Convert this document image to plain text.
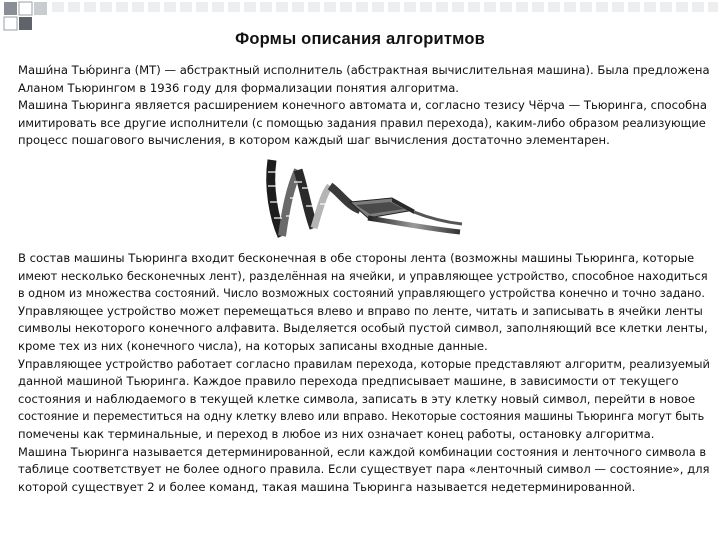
Формы описания алгоритмов
Маши́на Тью́ринга (МТ) — абстрактный исполнитель (абстрактная вычислительная машина). Была предложена
Аланом Тьюрингом в 1936 году для формализации понятия алгоритма.
Машина Тьюринга является расширением конечного автомата и, согласно тезису Чёрча — Тьюринга, способна
имитировать все другие исполнители (с помощью задания правил перехода), каким-либо образом реализующие
процесс пошагового вычисления, в котором каждый шаг вычисления достаточно элементарен.
В состав машины Тьюринга входит бесконечная в обе стороны лента (возможны машины Тьюринга, которые
имеют несколько бесконечных лент), разделённая на ячейки, и управляющее устройство, способное находиться
в одном из множества состояний. Число возможных состояний управляющего устройства конечно и точно задано.
Управляющее устройство может перемещаться влево и вправо по ленте, читать и записывать в ячейки ленты
символы некоторого конечного алфавита. Выделяется особый пустой символ, заполняющий все клетки ленты,
кроме тех из них (конечного числа), на которых записаны входные данные.
Управляющее устройство работает согласно правилам перехода, которые представляют алгоритм, реализуемый
данной машиной Тьюринга. Каждое правило перехода предписывает машине, в зависимости от текущего
состояния и наблюдаемого в текущей клетке символа, записать в эту клетку новый символ, перейти в новое
состояние и переместиться на одну клетку влево или вправо. Некоторые состояния машины Тьюринга могут быть
помечены как терминальные, и переход в любое из них означает конец работы, остановку алгоритма.
Машина Тьюринга называется детерминированной, если каждой комбинации состояния и ленточного символа в
таблице соответствует не более одного правила. Если существует пара «ленточный символ — состояние», для
которой существует 2 и более команд, такая машина Тьюринга называется недетерминированной.
